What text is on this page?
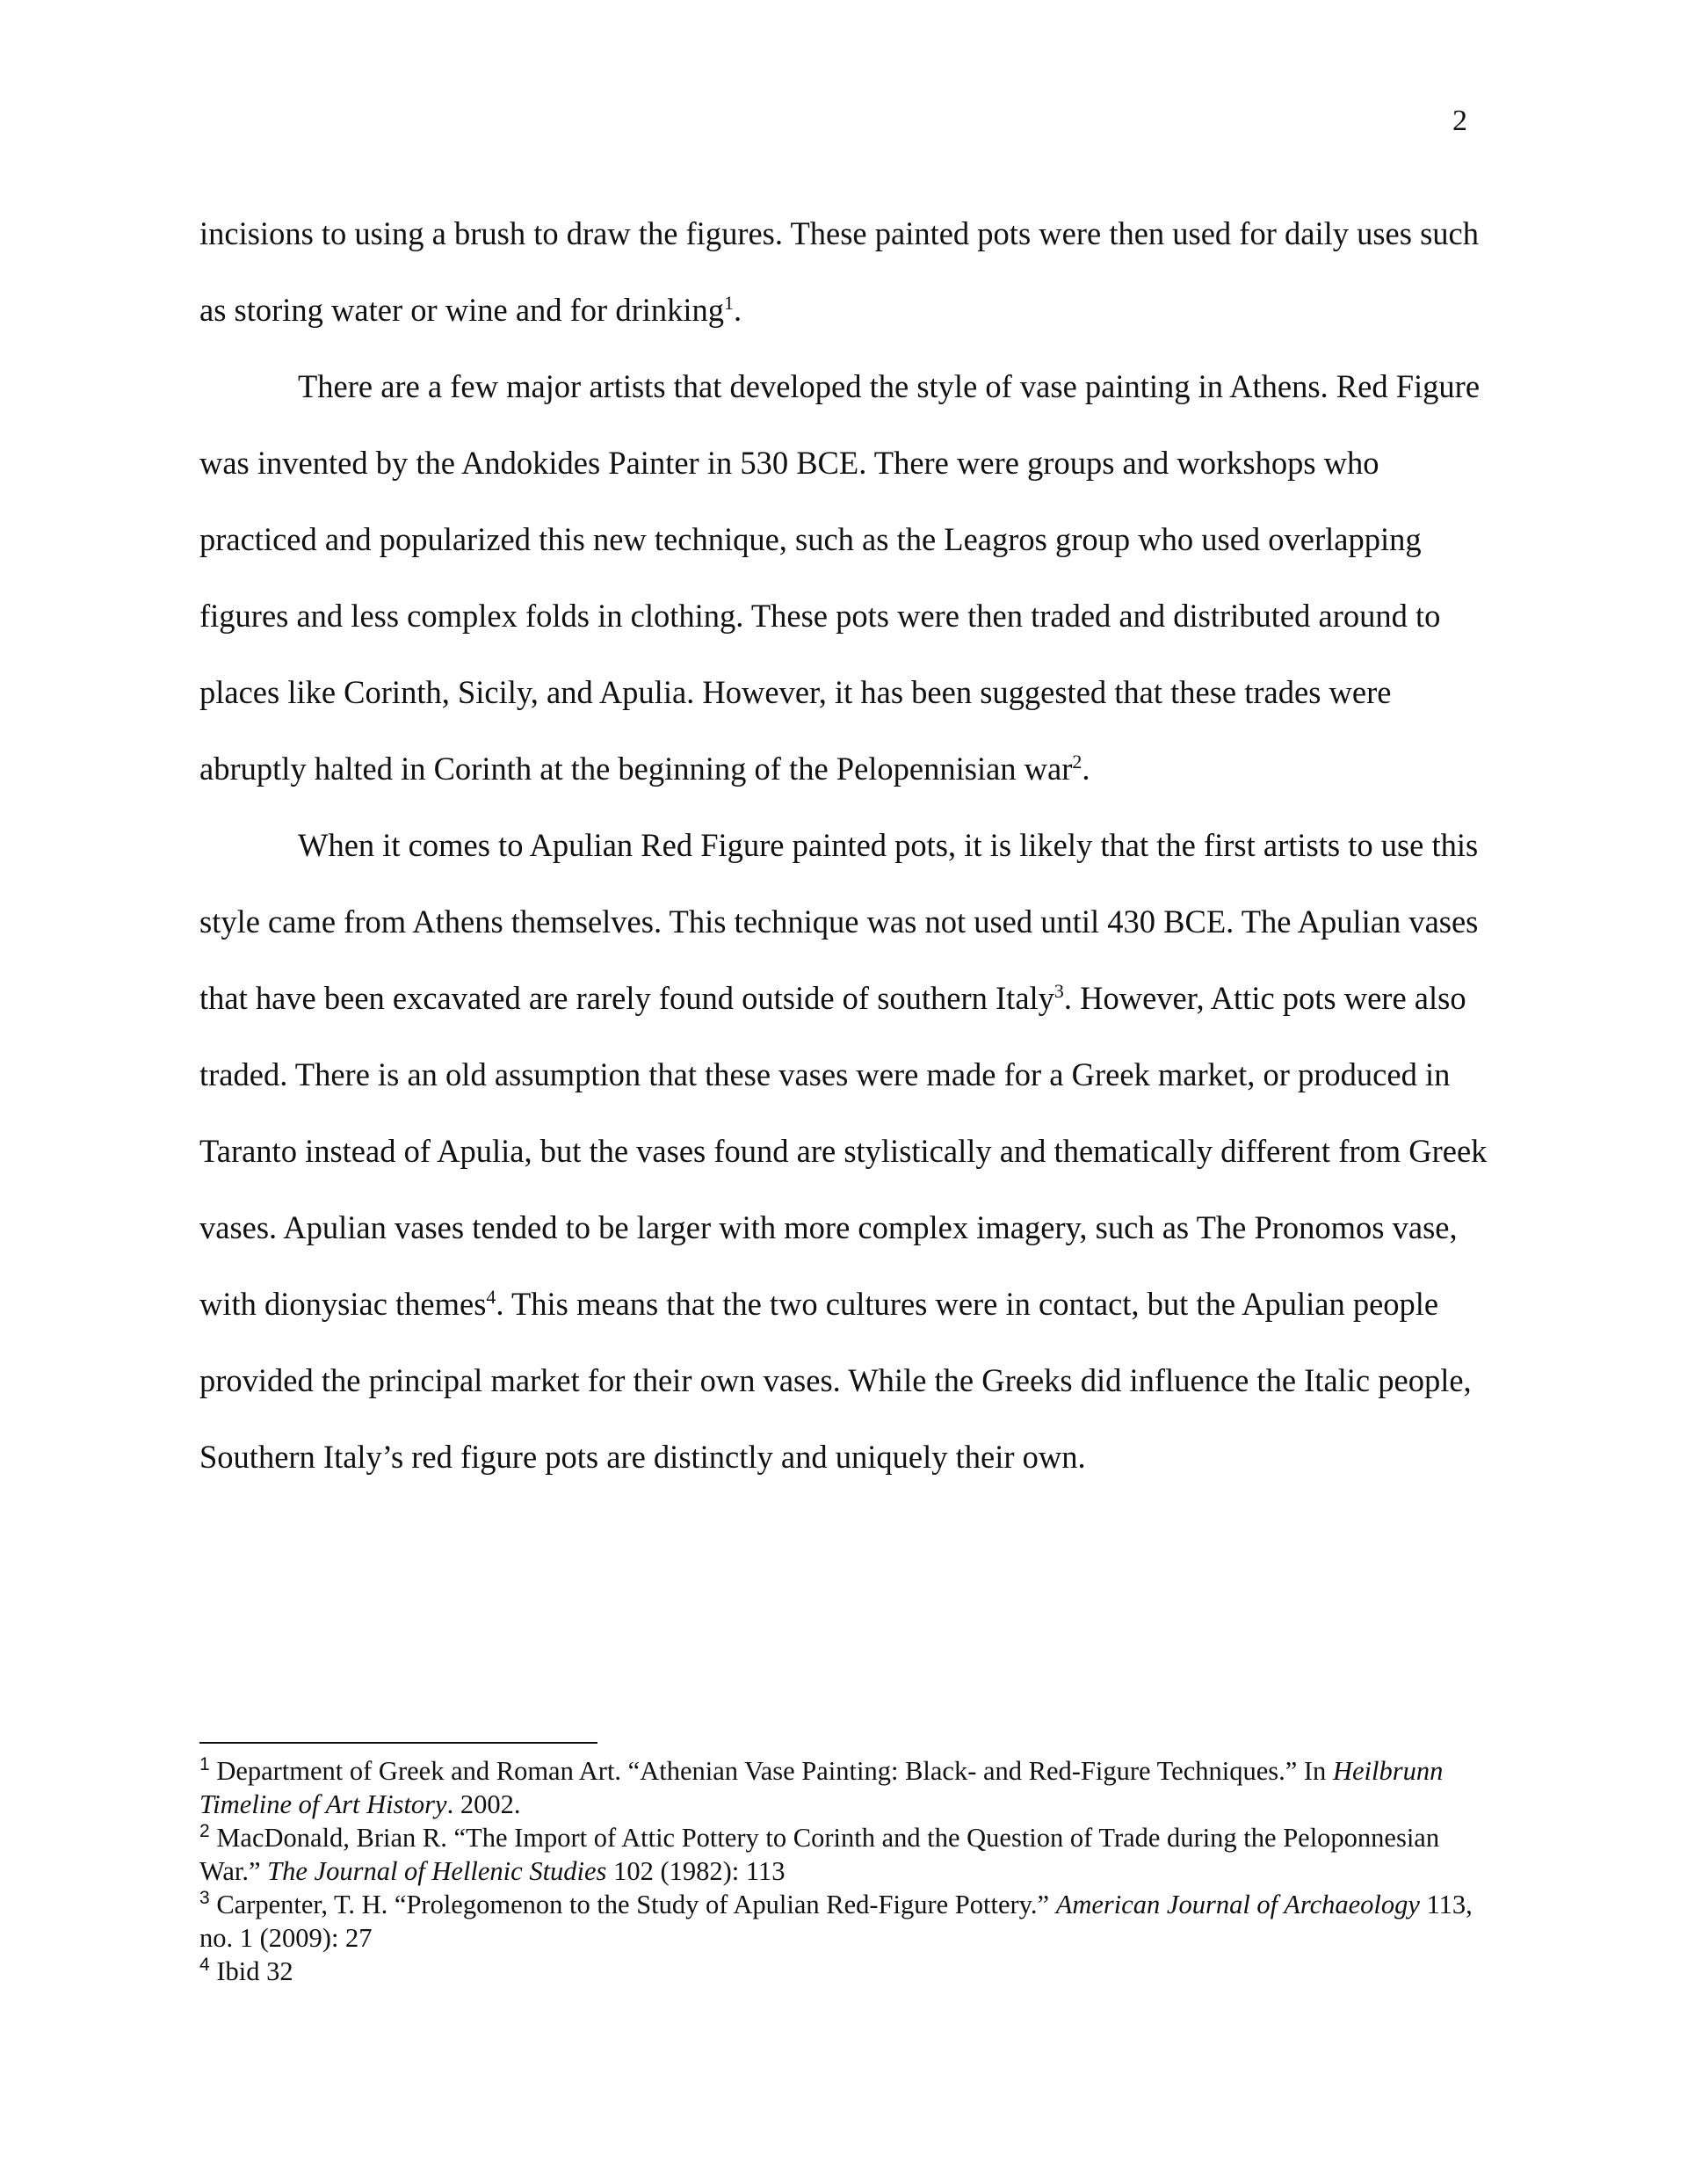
2

incisions to using a brush to draw the figures. These painted pots were then used for daily uses such as storing water or wine and for drinking$^1$.

There are a few major artists that developed the style of vase painting in Athens. Red Figure was invented by the Andokides Painter in 530 BCE. There were groups and workshops who practiced and popularized this new technique, such as the Leagros group who used overlapping figures and less complex folds in clothing. These pots were then traded and distributed around to places like Corinth, Sicily, and Apulia. However, it has been suggested that these trades were abruptly halted in Corinth at the beginning of the Pelopennisian war$^2$.

When it comes to Apulian Red Figure painted pots, it is likely that the first artists to use this style came from Athens themselves. This technique was not used until 430 BCE. The Apulian vases that have been excavated are rarely found outside of southern Italy$^3$. However, Attic pots were also traded. There is an old assumption that these vases were made for a Greek market, or produced in Taranto instead of Apulia, but the vases found are stylistically and thematically different from Greek vases. Apulian vases tended to be larger with more complex imagery, such as The Pronomos vase, with dionysiac themes$^4$. This means that the two cultures were in contact, but the Apulian people provided the principal market for their own vases. While the Greeks did influence the Italic people, Southern Italy’s red figure pots are distinctly and uniquely their own.

$^1$ Department of Greek and Roman Art. “Athenian Vase Painting: Black- and Red-Figure Techniques.” In Heilbrunn Timeline of Art History. 2002.

$^2$ MacDonald, Brian R. “The Import of Attic Pottery to Corinth and the Question of Trade during the Peloponnesian War.” The Journal of Hellenic Studies 102 (1982): 113

$^3$ Carpenter, T. H. “Prolegomenon to the Study of Apulian Red-Figure Pottery.” American Journal of Archaeology 113, no. 1 (2009): 27

$^4$ Ibid 32
